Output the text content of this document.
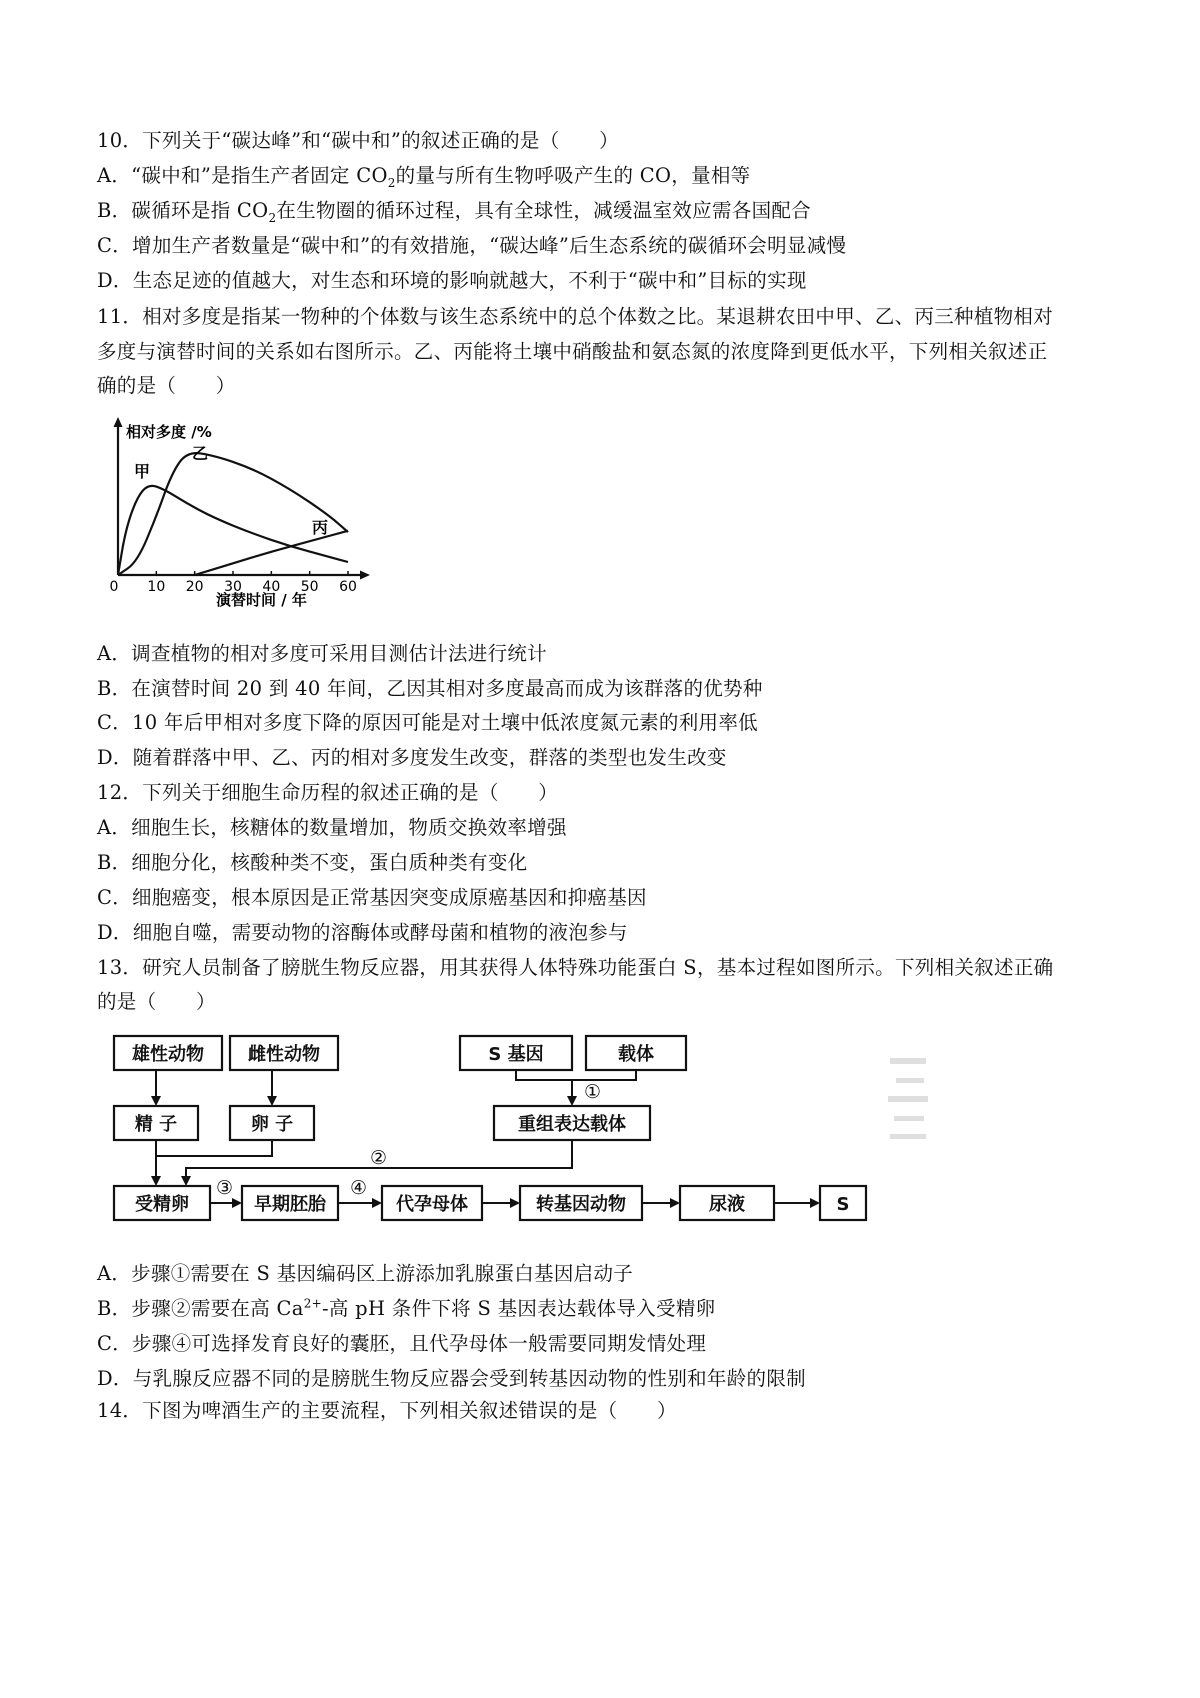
10．下列关于“碳达峰”和“碳中和”的叙述正确的是（　　）
A．“碳中和”是指生产者固定 $CO_2$的量与所有生物呼吸产生的 CO，量相等
B．碳循环是指 $CO_2$在生物圈的循环过程，具有全球性，减缓温室效应需各国配合
C．增加生产者数量是“碳中和”的有效措施，“碳达峰”后生态系统的碳循环会明显减慢
D．生态足迹的值越大，对生态和环境的影响就越大，不利于“碳中和”目标的实现
11．相对多度是指某一物种的个体数与该生态系统中的总个体数之比。某退耕农田中甲、乙、丙三种植物相对
多度与演替时间的关系如右图所示。乙、丙能将土壤中硝酸盐和氨态氮的浓度降到更低水平，下列相关叙述正
确的是（　　）
相对多度 /%
演替时间 / 年
0 10 20 30 40 50 60
甲
乙
丙
A．调查植物的相对多度可采用目测估计法进行统计
B．在演替时间 20 到 40 年间，乙因其相对多度最高而成为该群落的优势种
C．10 年后甲相对多度下降的原因可能是对土壤中低浓度氮元素的利用率低
D．随着群落中甲、乙、丙的相对多度发生改变，群落的类型也发生改变
12．下列关于细胞生命历程的叙述正确的是（　　）
A．细胞生长，核糖体的数量增加，物质交换效率增强
B．细胞分化，核酸种类不变，蛋白质种类有变化
C．细胞癌变，根本原因是正常基因突变成原癌基因和抑癌基因
D．细胞自噬，需要动物的溶酶体或酵母菌和植物的液泡参与
13．研究人员制备了膀胱生物反应器，用其获得人体特殊功能蛋白 S，基本过程如图所示。下列相关叙述正确
的是（　　）
雄性动物 雌性动物
精 子	卵 子
S 基因	载体
重组表达载体
受精卵	早期胚胎	代孕母体	转基因动物	尿液	S
①
②
③	④
A．步骤①需要在 S 基因编码区上游添加乳腺蛋白基因启动子
B．步骤②需要在高 $Ca^{2+}-$高 pH 条件下将 S 基因表达载体导入受精卵
C．步骤④可选择发育良好的囊胚，且代孕母体一般需要同期发情处理
D．与乳腺反应器不同的是膀胱生物反应器会受到转基因动物的性别和年龄的限制
14．下图为啤酒生产的主要流程，下列相关叙述错误的是（　　）
